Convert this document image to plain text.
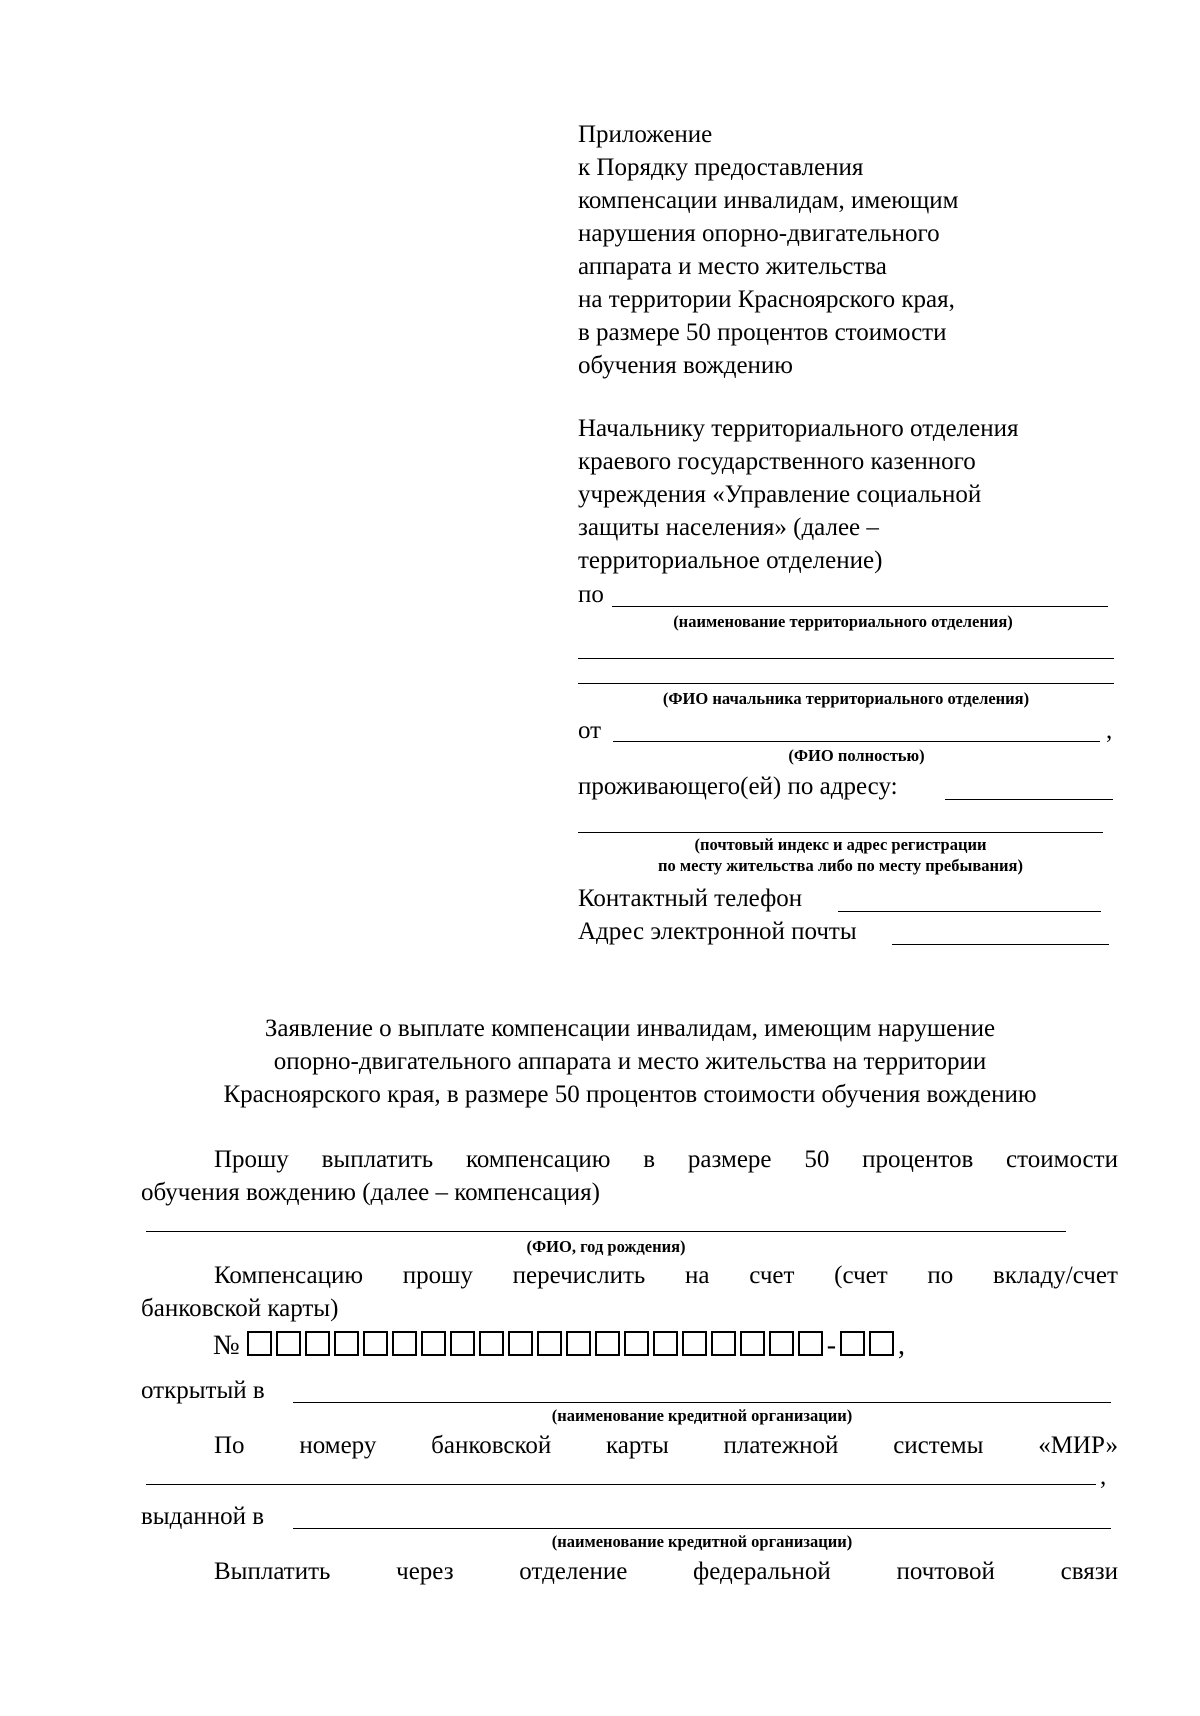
Приложение
к Порядку предоставления
компенсации инвалидам, имеющим
нарушения опорно-двигательного
аппарата и место жительства
на территории Красноярского края,
в размере 50 процентов стоимости
обучения вождению
Начальнику территориального отделения
краевого государственного казенного
учреждения «Управление социальной
защиты населения» (далее –
территориальное отделение)
по
(наименование территориального отделения)
(ФИО начальника территориального отделения)
от	,
(ФИО полностью)
проживающего(ей) по адресу:
(почтовый индекс и адрес регистрации
по месту жительства либо по месту пребывания)
Контактный телефон
Адрес электронной почты
Заявление о выплате компенсации инвалидам, имеющим нарушение
опорно-двигательного аппарата и место жительства на территории
Красноярского края, в размере 50 процентов стоимости обучения вождению
Прошу выплатить компенсацию в размере 50 процентов стоимости
обучения вождению (далее – компенсация)
(ФИО, год рождения)
Компенсацию прошу перечислить на счет (счет по вкладу/счет
банковской карты)
№	- ,
открытый в
(наименование кредитной организации)
По номеру банковской карты платежной системы «МИР»
,
выданной в
(наименование кредитной организации)
Выплатить	через	отделение	федеральной	почтовой	связи
